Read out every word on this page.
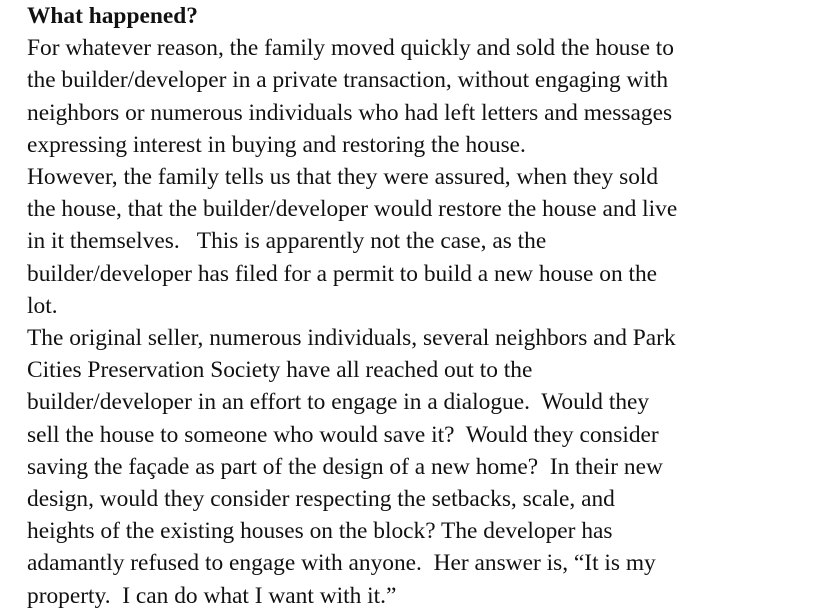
What happened?
For whatever reason, the family moved quickly and sold the house to
the builder/developer in a private transaction, without engaging with
neighbors or numerous individuals who had left letters and messages
expressing interest in buying and restoring the house.
However, the family tells us that they were assured, when they sold
the house, that the builder/developer would restore the house and live
in it themselves.   This is apparently not the case, as the
builder/developer has filed for a permit to build a new house on the
lot.
The original seller, numerous individuals, several neighbors and Park
Cities Preservation Society have all reached out to the
builder/developer in an effort to engage in a dialogue.  Would they
sell the house to someone who would save it?  Would they consider
saving the façade as part of the design of a new home?  In their new
design, would they consider respecting the setbacks, scale, and
heights of the existing houses on the block? The developer has
adamantly refused to engage with anyone.  Her answer is, “It is my
property.  I can do what I want with it.”
